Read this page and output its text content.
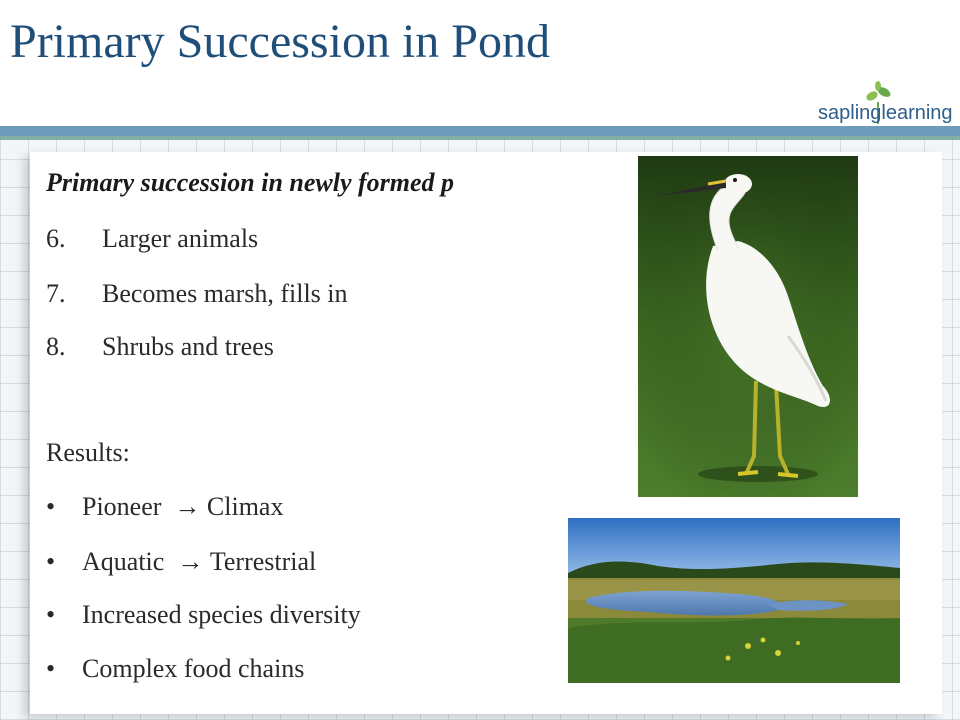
Primary Succession in Pond
saplinglearning
Primary succession in newly formed p
6. Larger animals
7. Becomes marsh, fills in
8. Shrubs and trees
Results:
• Pioneer → Climax
• Aquatic → Terrestrial
• Increased species diversity
• Complex food chains
